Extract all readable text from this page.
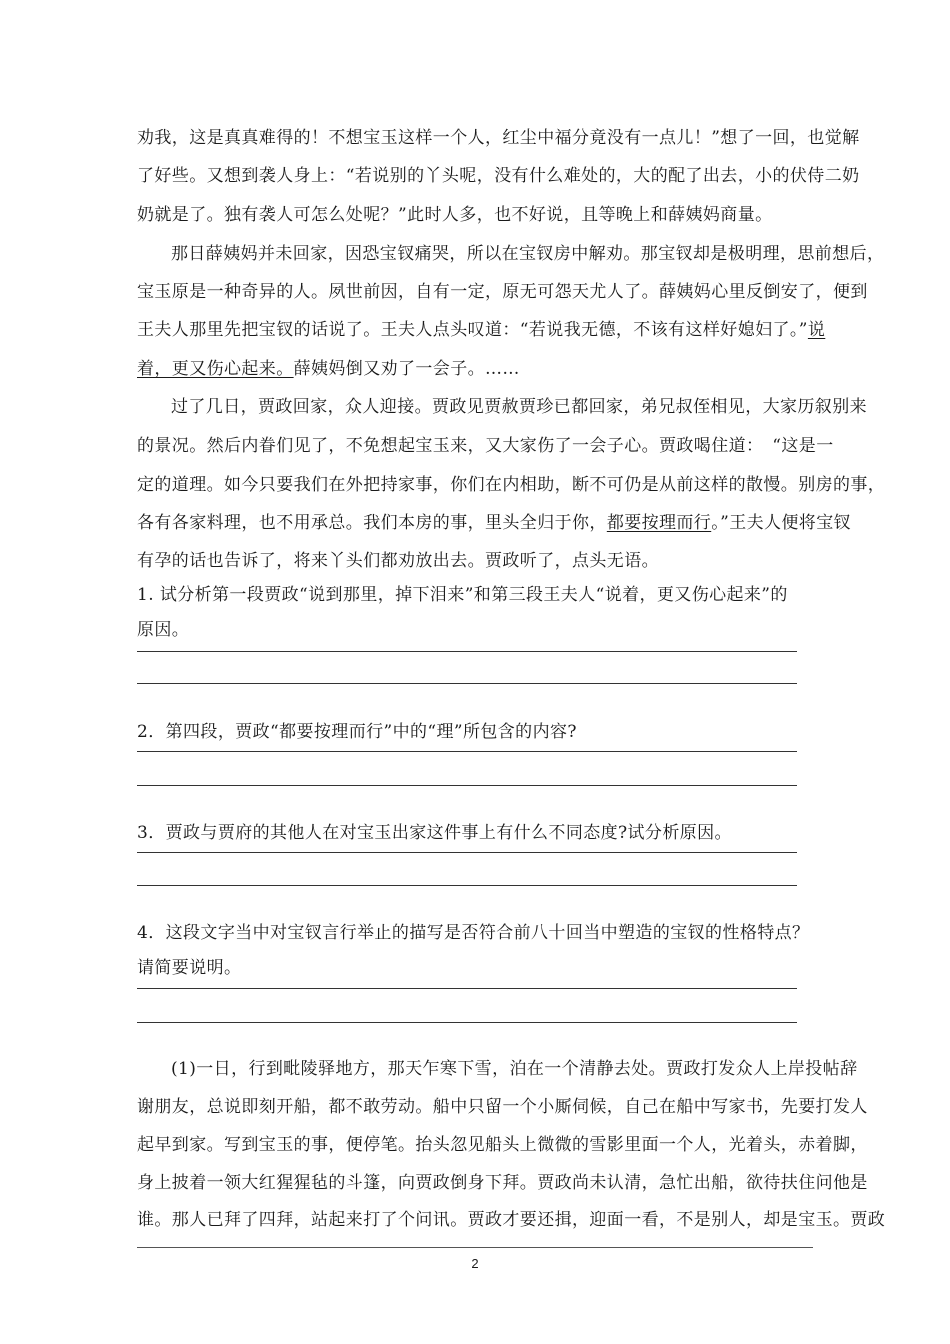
劝我，这是真真难得的！不想宝玉这样一个人，红尘中福分竟没有一点儿！”想了一回，也觉解
了好些。又想到袭人身上：“若说别的丫头呢，没有什么难处的，大的配了出去，小的伏侍二奶
奶就是了。独有袭人可怎么处呢？”此时人多，也不好说，且等晚上和薛姨妈商量。
那日薛姨妈并未回家，因恐宝钗痛哭，所以在宝钗房中解劝。那宝钗却是极明理，思前想后，
宝玉原是一种奇异的人。夙世前因，自有一定，原无可怨天尤人了。薛姨妈心里反倒安了，便到
王夫人那里先把宝钗的话说了。王夫人点头叹道：“若说我无德，不该有这样好媳妇了。”说
着，更又伤心起来。薛姨妈倒又劝了一会子。……
过了几日，贾政回家，众人迎接。贾政见贾赦贾珍已都回家，弟兄叔侄相见，大家历叙别来
的景况。然后内眷们见了，不免想起宝玉来，又大家伤了一会子心。贾政喝住道：　“这是一
定的道理。如今只要我们在外把持家事，你们在内相助，断不可仍是从前这样的散慢。别房的事，
各有各家料理，也不用承总。我们本房的事，里头全归于你，都要按理而行。”王夫人便将宝钗
有孕的话也告诉了，将来丫头们都劝放出去。贾政听了，点头无语。
1. 试分析第一段贾政“说到那里，掉下泪来”和第三段王夫人“说着，更又伤心起来”的
原因。
2．第四段，贾政“都要按理而行”中的“理”所包含的内容?
3．贾政与贾府的其他人在对宝玉出家这件事上有什么不同态度?试分析原因。
4．这段文字当中对宝钗言行举止的描写是否符合前八十回当中塑造的宝钗的性格特点？
请简要说明。
(1)一日，行到毗陵驿地方，那天乍寒下雪，泊在一个清静去处。贾政打发众人上岸投帖辞
谢朋友，总说即刻开船，都不敢劳动。船中只留一个小厮伺候，自己在船中写家书，先要打发人
起早到家。写到宝玉的事，便停笔。抬头忽见船头上微微的雪影里面一个人，光着头，赤着脚，
身上披着一领大红猩猩毡的斗篷，向贾政倒身下拜。贾政尚未认清，急忙出船，欲待扶住问他是
谁。那人已拜了四拜，站起来打了个问讯。贾政才要还揖，迎面一看，不是别人，却是宝玉。贾政
2
